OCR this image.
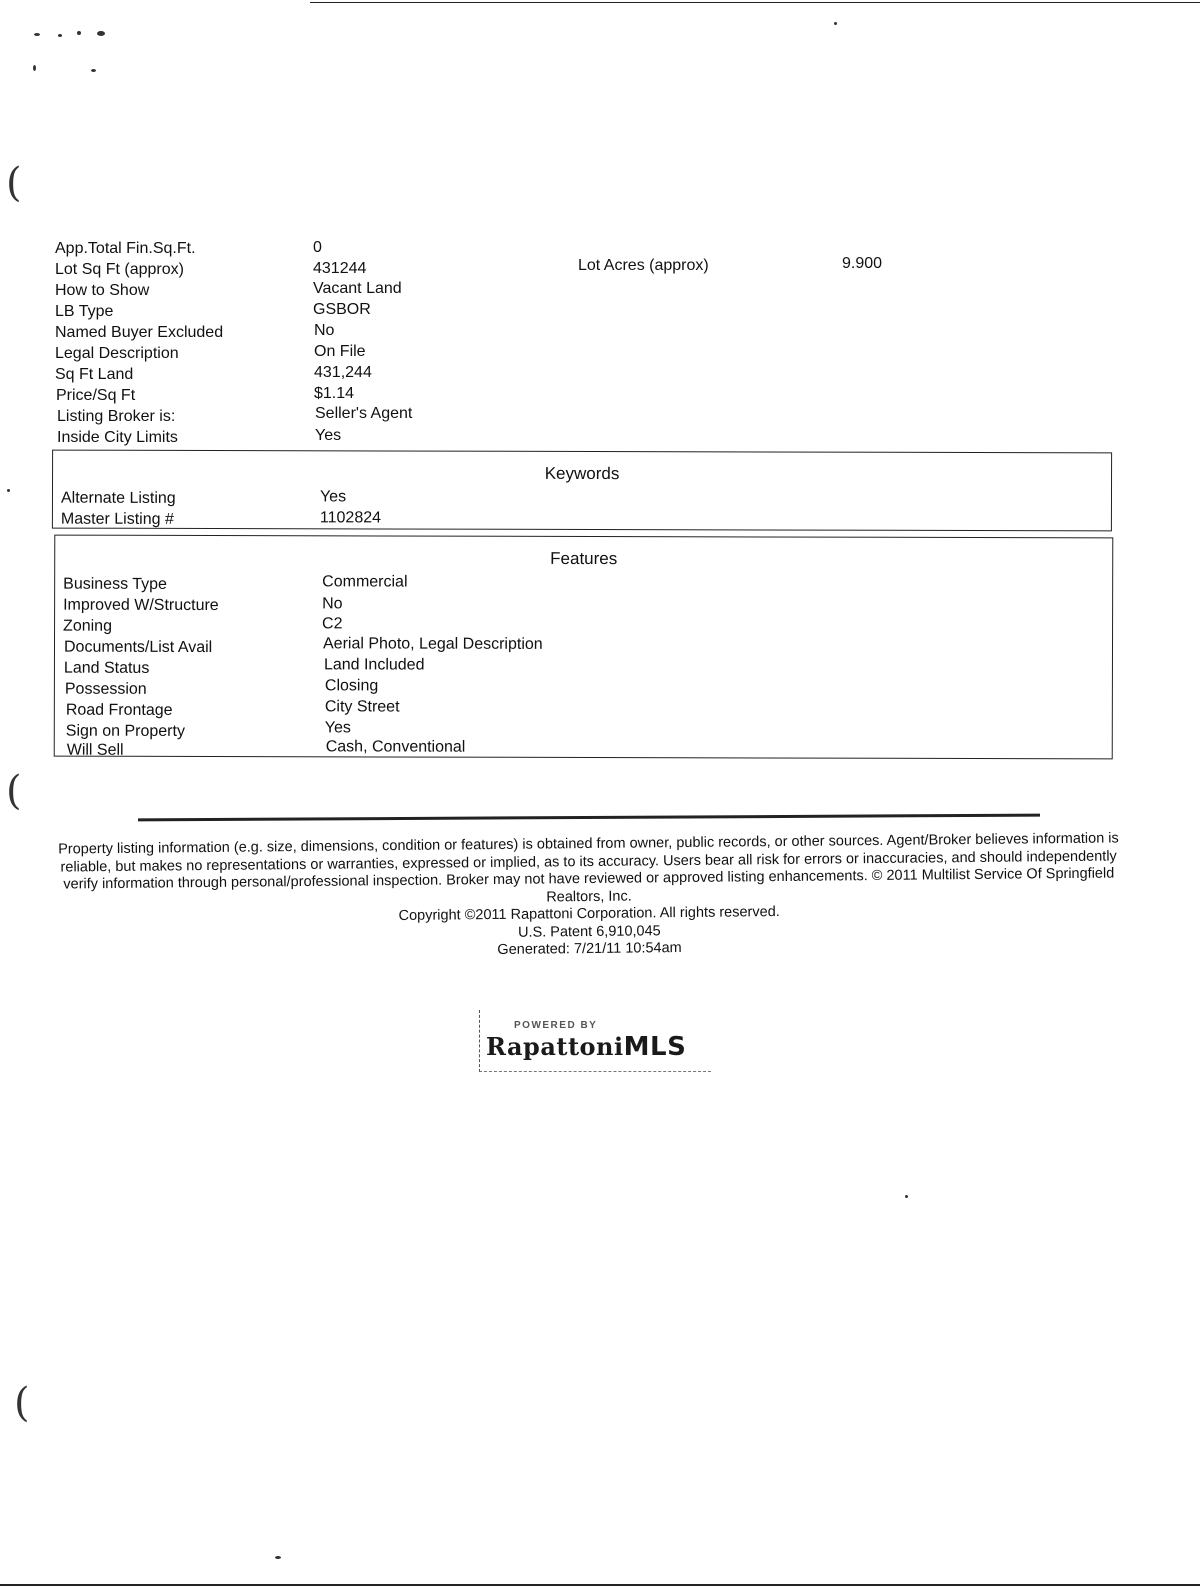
(
(
(
App.Total Fin.Sq.Ft.	0
Lot Sq Ft (approx)	431244
How to Show	Vacant Land
LB Type	GSBOR
Named Buyer Excluded	No
Legal Description	On File
Sq Ft Land	431,244
Price/Sq Ft	$1.14
Listing Broker is:	Seller's Agent
Inside City Limits	Yes
Lot Acres (approx)	9.900
Keywords
Alternate Listing	Yes
Master Listing #	1102824
Features
Business Type	Commercial
Improved W/Structure	No
Zoning	C2
Documents/List Avail	Aerial Photo, Legal Description
Land Status	Land Included
Possession	Closing
Road Frontage	City Street
Sign on Property	Yes
Will Sell	Cash, Conventional

Property listing information (e.g. size, dimensions, condition or features) is obtained from owner, public records, or other sources. Agent/Broker believes information is reliable, but makes no representations or warranties, expressed or implied, as to its accuracy. Users bear all risk for errors or inaccuracies, and should independently verify information through personal/professional inspection. Broker may not have reviewed or approved listing enhancements. © 2011 Multilist Service Of Springfield Realtors, Inc.

Copyright ©2011 Rapattoni Corporation. All rights reserved.

U.S. Patent 6,910,045

Generated: 7/21/11 10:54am

POWERED BY
RapattoniMLS
